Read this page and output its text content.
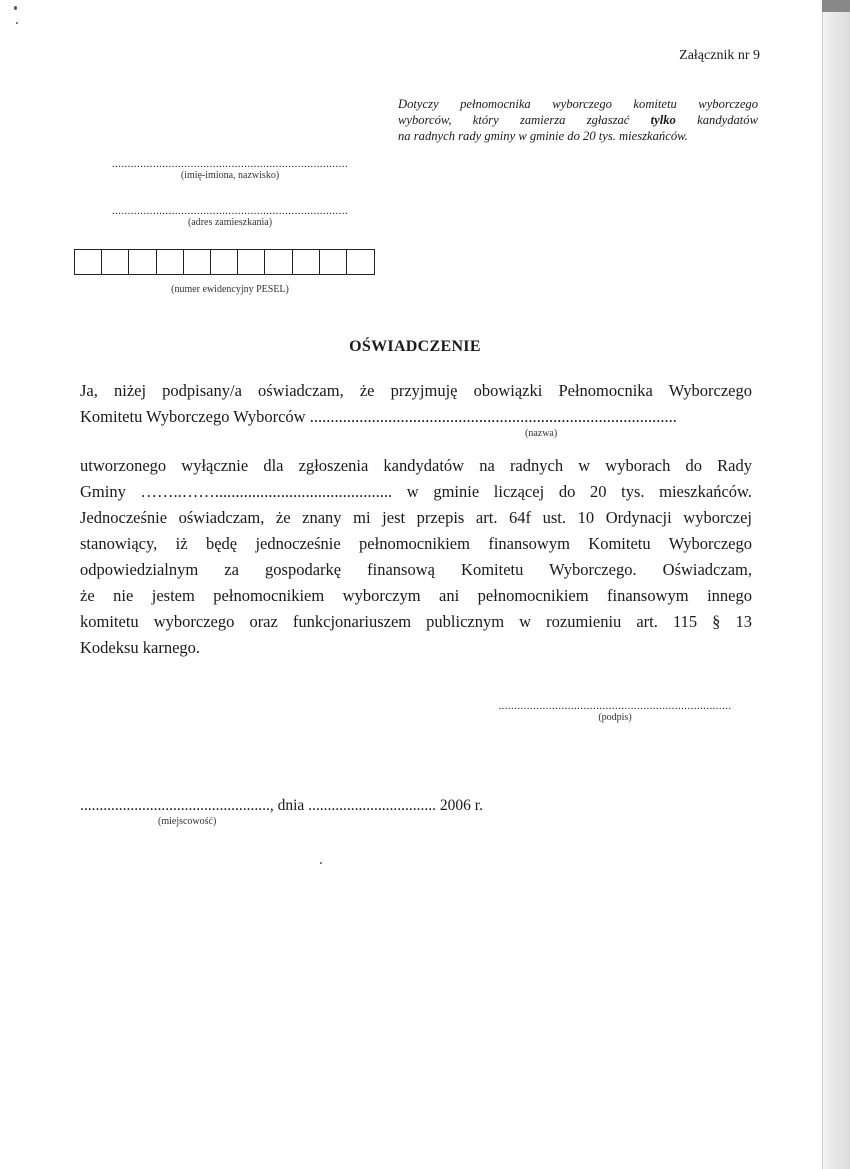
Załącznik nr 9
Dotyczy pełnomocnika wyborczego komitetu wyborczego
wyborców, który zamierza zgłaszać tylko kandydatów
na radnych rady gminy w gminie do 20 tys. mieszkańców.
...........................................................................
(imię-imiona, nazwisko)
...........................................................................
(adres zamieszkania)
(numer ewidencyjny PESEL)
OŚWIADCZENIE
Ja, niżej podpisany/a oświadczam, że przyjmuję obowiązki Pełnomocnika Wyborczego
Komitetu Wyborczego Wyborców .........................................................................................
(nazwa)
utworzonego wyłącznie dla zgłoszenia kandydatów na radnych w wyborach do Rady
Gminy ……..……........................................... w gminie liczącej do 20 tys. mieszkańców.
Jednocześnie oświadczam, że znany mi jest przepis art. 64f ust. 10 Ordynacji wyborczej
stanowiący, iż będę jednocześnie pełnomocnikiem finansowym Komitetu Wyborczego
odpowiedzialnym za gospodarkę finansową Komitetu Wyborczego. Oświadczam,
że nie jestem pełnomocnikiem wyborczym ani pełnomocnikiem finansowym innego
komitetu wyborczego oraz funkcjonariuszem publicznym w rozumieniu art. 115 § 13
Kodeksu karnego.
..........................................................................
(podpis)
................................................., dnia ................................. 2006 r.
(miejscowość)
